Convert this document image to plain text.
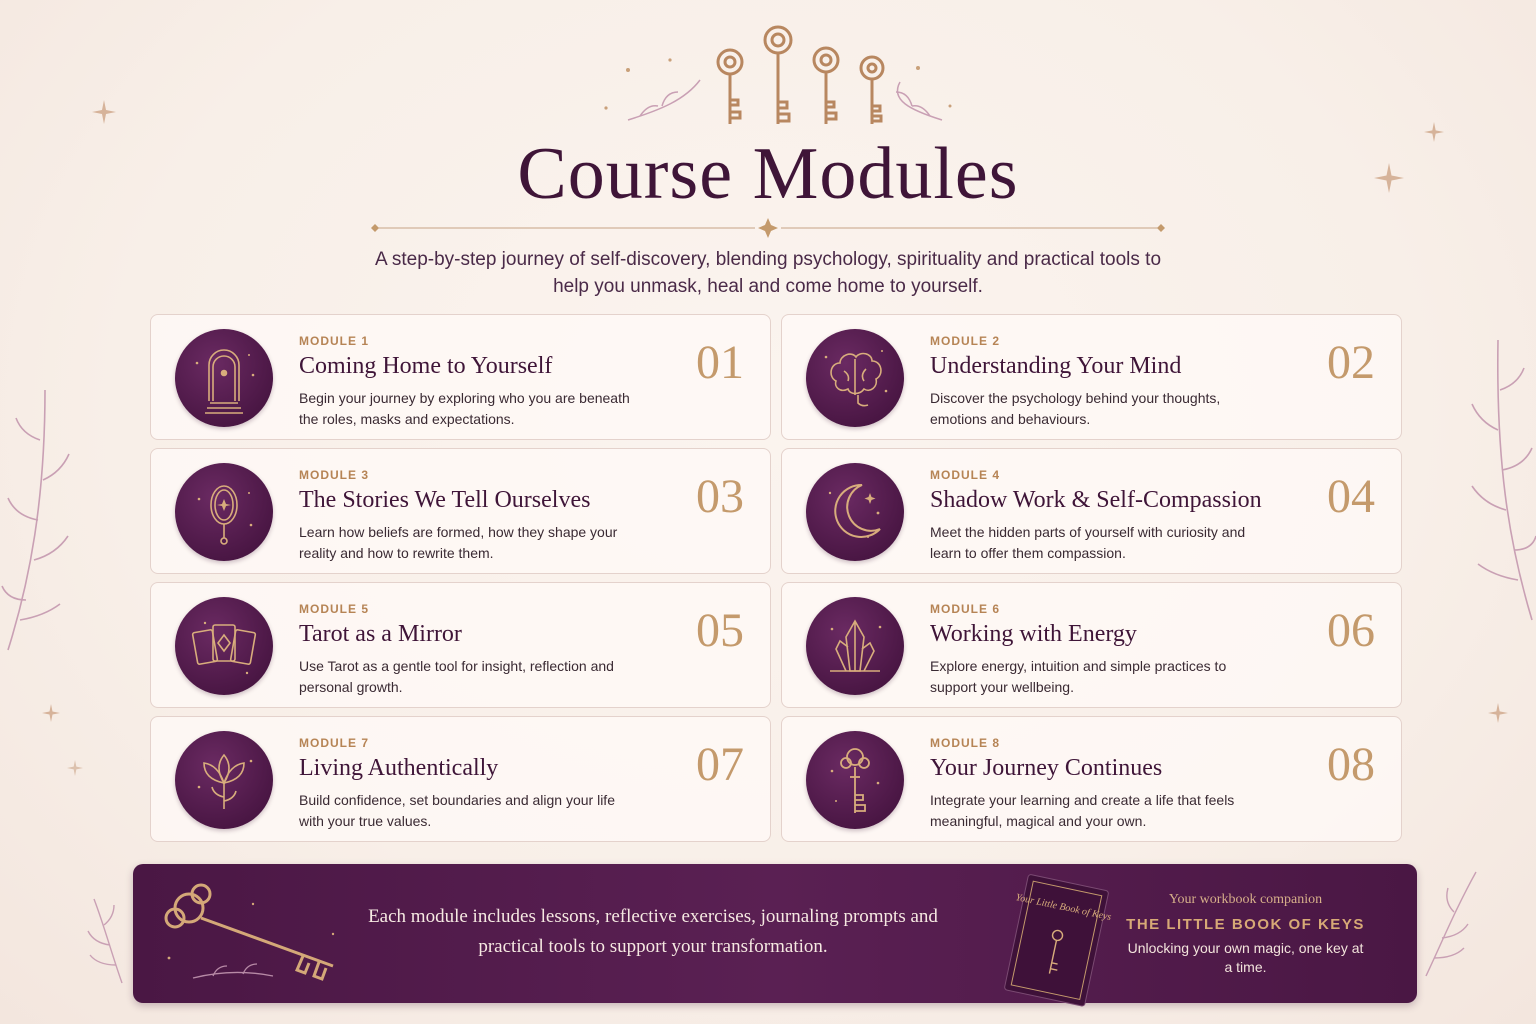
Course Modules
A step-by-step journey of self-discovery, blending psychology, spirituality and practical tools to help you unmask, heal and come home to yourself.
MODULE 1
Coming Home to Yourself
Begin your journey by exploring who you are beneath the roles, masks and expectations.
01	MODULE 2
Understanding Your Mind
Discover the psychology behind your thoughts, emotions and behaviours.
02
MODULE 3
The Stories We Tell Ourselves
Learn how beliefs are formed, how they shape your reality and how to rewrite them.
03	MODULE 4
Shadow Work & Self-Compassion
Meet the hidden parts of yourself with curiosity and learn to offer them compassion.
04
MODULE 5
Tarot as a Mirror
Use Tarot as a gentle tool for insight, reflection and personal growth.
05	MODULE 6
Working with Energy
Explore energy, intuition and simple practices to support your wellbeing.
06
MODULE 7
Living Authentically
Build confidence, set boundaries and align your life with your true values.
07	MODULE 8
Your Journey Continues
Integrate your learning and create a life that feels meaningful, magical and your own.
08
Each module includes lessons, reflective exercises, journaling prompts and practical tools to support your transformation.
Your Little Book of Keys	Your workbook companion
THE LITTLE BOOK OF KEYS
Unlocking your own magic, one key at a time.
